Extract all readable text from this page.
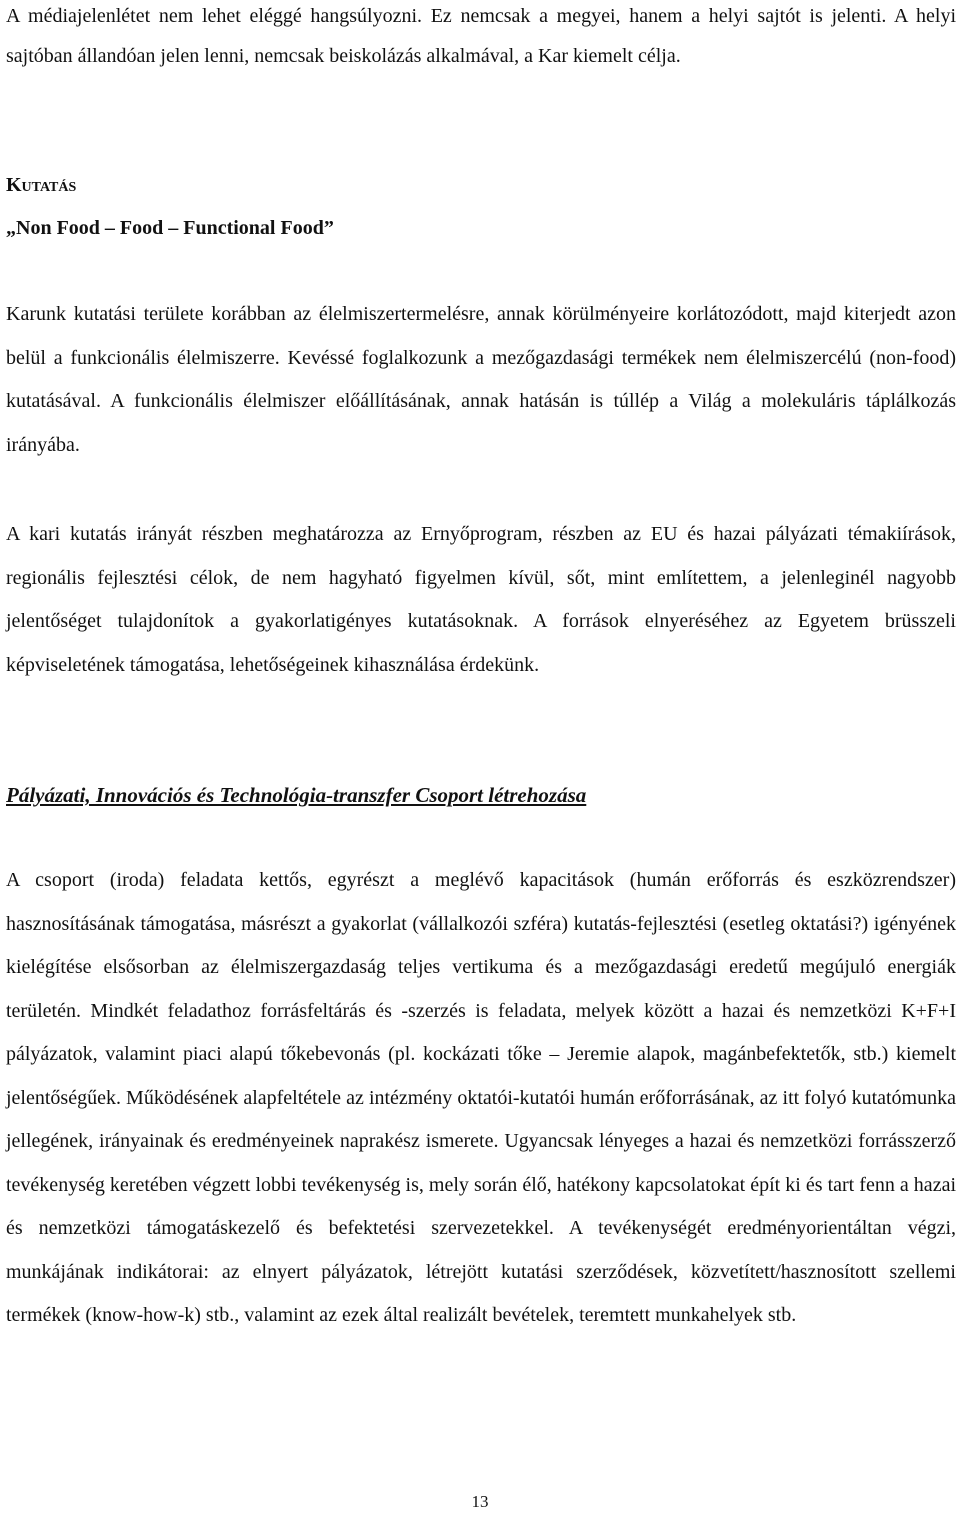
A médiajelenlétet nem lehet eléggé hangsúlyozni. Ez nemcsak a megyei, hanem a helyi sajtót is jelenti. A helyi sajtóban állandóan jelen lenni, nemcsak beiskolázás alkalmával, a Kar kiemelt célja.

Kutatás
„Non Food – Food – Functional Food”

Karunk kutatási területe korábban az élelmiszertermelésre, annak körülményeire korlátozódott, majd kiterjedt azon belül a funkcionális élelmiszerre. Kevéssé foglalkozunk a mezőgazdasági termékek nem élelmiszercélú (non-food) kutatásával. A funkcionális élelmiszer előállításának, annak hatásán is túllép a Világ a molekuláris táplálkozás irányába.

A kari kutatás irányát részben meghatározza az Ernyőprogram, részben az EU és hazai pályázati témakiírások, regionális fejlesztési célok, de nem hagyható figyelmen kívül, sőt, mint említettem, a jelenleginél nagyobb jelentőséget tulajdonítok a gyakorlatigényes kutatásoknak. A források elnyeréséhez az Egyetem brüsszeli képviseletének támogatása, lehetőségeinek kihasználása érdekünk.

Pályázati, Innovációs és Technológia-transzfer Csoport létrehozása

A csoport (iroda) feladata kettős, egyrészt a meglévő kapacitások (humán erőforrás és eszközrendszer) hasznosításának támogatása, másrészt a gyakorlat (vállalkozói szféra) kutatás-fejlesztési (esetleg oktatási?) igényének kielégítése elsősorban az élelmiszergazdaság teljes vertikuma és a mezőgazdasági eredetű megújuló energiák területén. Mindkét feladathoz forrásfeltárás és -szerzés is feladata, melyek között a hazai és nemzetközi K+F+I pályázatok, valamint piaci alapú tőkebevonás (pl. kockázati tőke – Jeremie alapok, magánbefektetők, stb.) kiemelt jelentőségűek. Működésének alapfeltétele az intézmény oktatói-kutatói humán erőforrásának, az itt folyó kutatómunka jellegének, irányainak és eredményeinek naprakész ismerete. Ugyancsak lényeges a hazai és nemzetközi forrásszerző tevékenység keretében végzett lobbi tevékenység is, mely során élő, hatékony kapcsolatokat épít ki és tart fenn a hazai és nemzetközi támogatáskezelő és befektetési szervezetekkel. A tevékenységét eredményorientáltan végzi, munkájának indikátorai: az elnyert pályázatok, létrejött kutatási szerződések, közvetített/hasznosított szellemi termékek (know-how-k) stb., valamint az ezek által realizált bevételek, teremtett munkahelyek stb.

13
